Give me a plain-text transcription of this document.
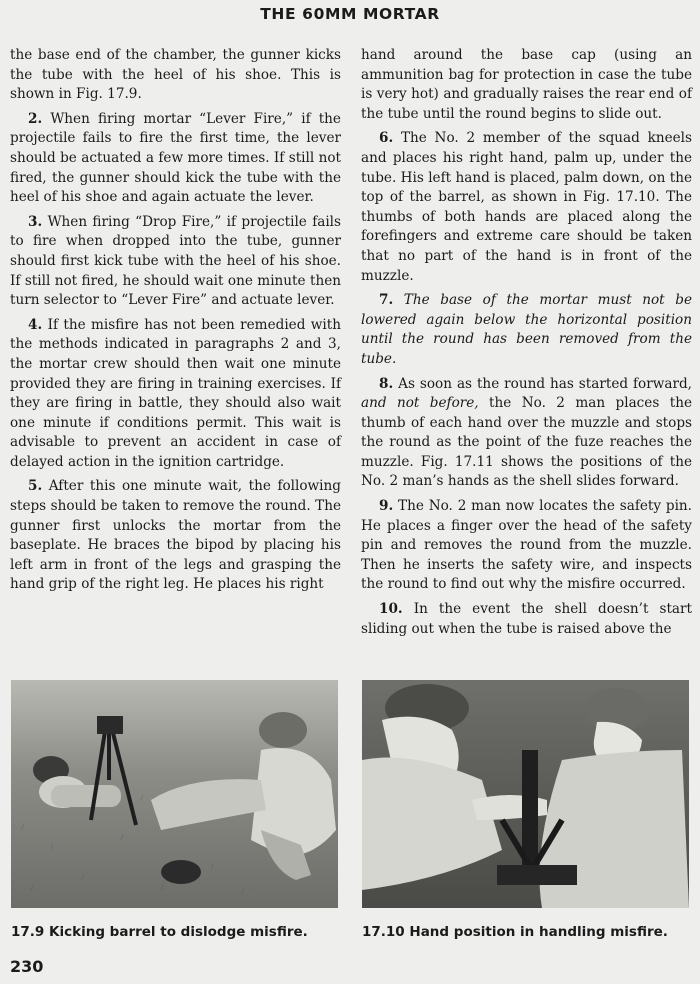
THE 60MM MORTAR

the base end of the chamber, the gunner kicks the tube with the heel of his shoe. This is shown in Fig. 17.9.

2. When firing mortar “Lever Fire,” if the projectile fails to fire the first time, the lever should be actuated a few more times. If still not fired, the gunner should kick the tube with the heel of his shoe and again actuate the lever.

3. When firing “Drop Fire,” if projectile fails to fire when dropped into the tube, gunner should first kick tube with the heel of his shoe. If still not fired, he should wait one minute then turn selector to “Lever Fire” and actuate lever.

4. If the misfire has not been remedied with the methods indicated in paragraphs 2 and 3, the mortar crew should then wait one minute provided they are firing in training exercises. If they are firing in battle, they should also wait one minute if conditions permit. This wait is advisable to prevent an accident in case of delayed action in the ignition cartridge.

5. After this one minute wait, the following steps should be taken to remove the round. The gunner first unlocks the mortar from the baseplate. He braces the bipod by placing his left arm in front of the legs and grasping the hand grip of the right leg. He places his right

hand around the base cap (using an ammunition bag for protection in case the tube is very hot) and gradually raises the rear end of the tube until the round begins to slide out.

6. The No. 2 member of the squad kneels and places his right hand, palm up, under the tube. His left hand is placed, palm down, on the top of the barrel, as shown in Fig. 17.10. The thumbs of both hands are placed along the forefingers and extreme care should be taken that no part of the hand is in front of the muzzle.

7. The base of the mortar must not be lowered again below the horizontal position until the round has been removed from the tube.

8. As soon as the round has started forward, and not before, the No. 2 man places the thumb of each hand over the muzzle and stops the round as the point of the fuze reaches the muzzle. Fig. 17.11 shows the positions of the No. 2 man’s hands as the shell slides forward.

9. The No. 2 man now locates the safety pin. He places a finger over the head of the safety pin and removes the round from the muzzle. Then he inserts the safety wire, and inspects the round to find out why the misfire occurred.

10. In the event the shell doesn’t start sliding out when the tube is raised above the

17.9 Kicking barrel to dislodge misfire.	17.10 Hand position in handling misfire.
230
